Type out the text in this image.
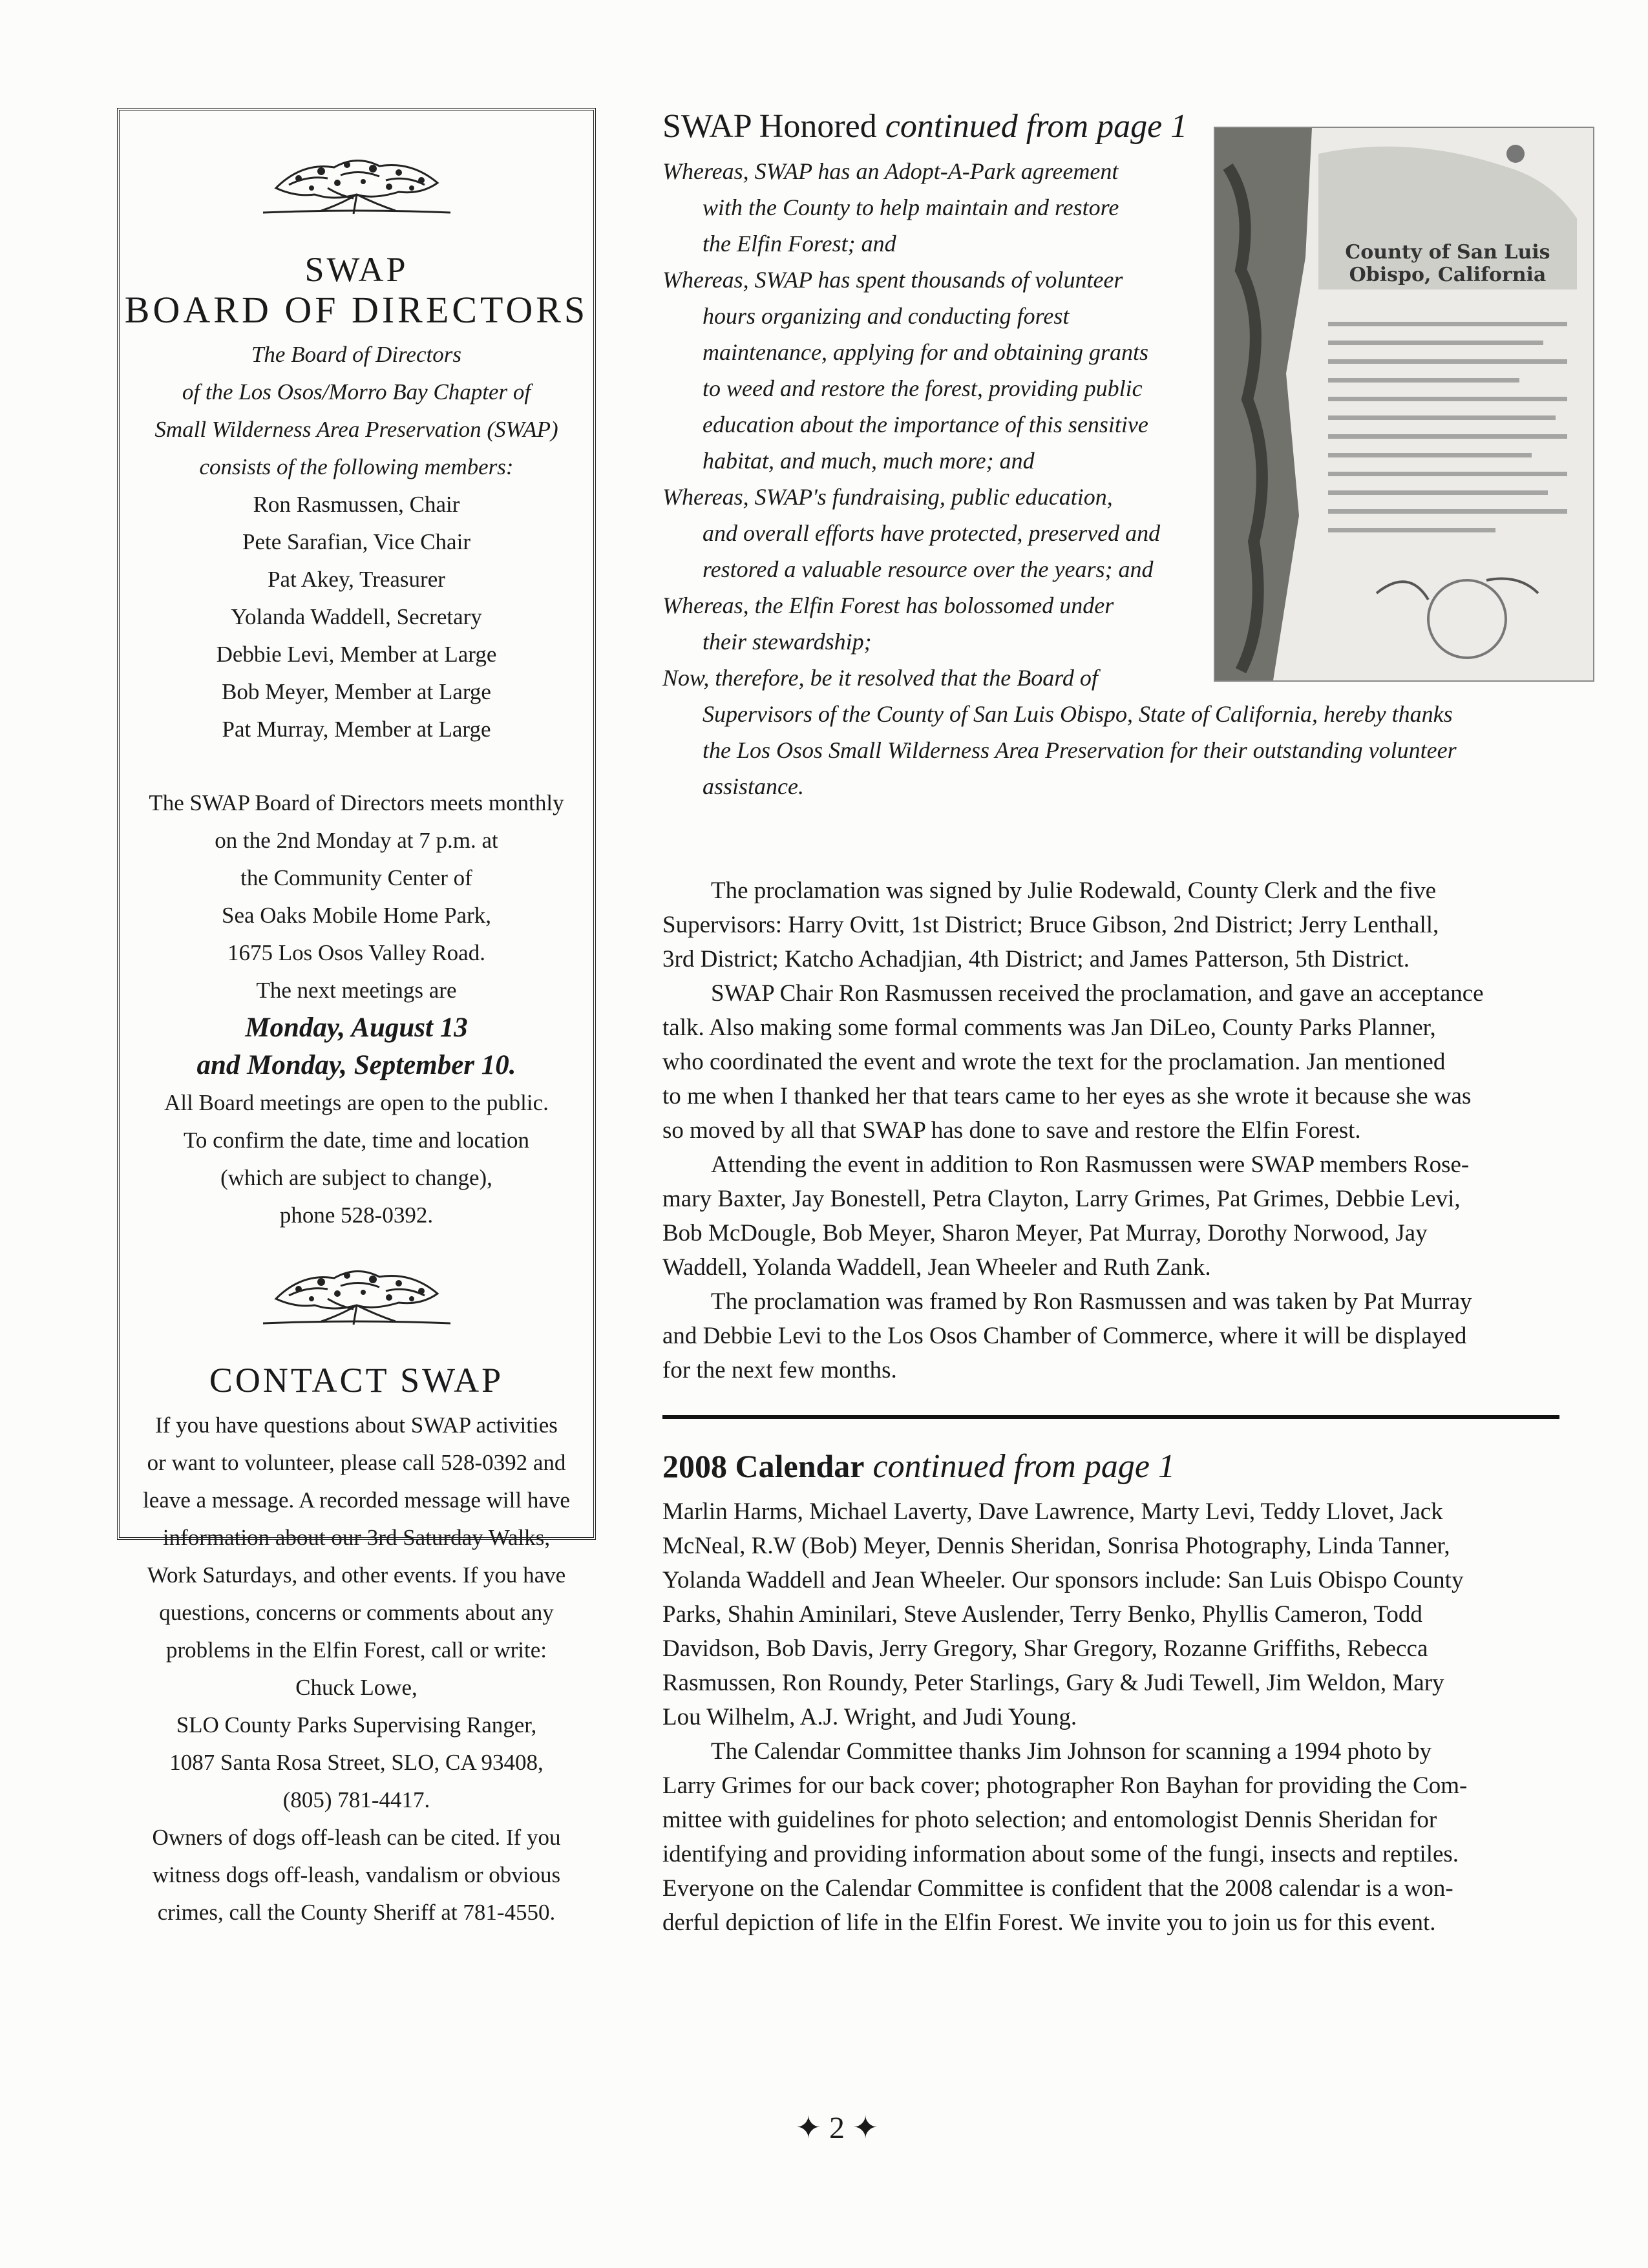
SWAP
BOARD OF DIRECTORS
The Board of Directors
of the Los Osos/Morro Bay Chapter of
Small Wilderness Area Preservation (SWAP)
consists of the following members:
Ron Rasmussen, Chair
Pete Sarafian, Vice Chair
Pat Akey, Treasurer
Yolanda Waddell, Secretary
Debbie Levi, Member at Large
Bob Meyer, Member at Large
Pat Murray, Member at Large
The SWAP Board of Directors meets monthly
on the 2nd Monday at 7 p.m. at
the Community Center of
Sea Oaks Mobile Home Park,
1675 Los Osos Valley Road.
The next meetings are
Monday, August 13
and Monday, September 10.
All Board meetings are open to the public.
To confirm the date, time and location
(which are subject to change),
phone 528-0392.
CONTACT SWAP
If you have questions about SWAP activities
or want to volunteer, please call 528-0392 and
leave a message. A recorded message will have
information about our 3rd Saturday Walks,
Work Saturdays, and other events. If you have
questions, concerns or comments about any
problems in the Elfin Forest, call or write:
Chuck Lowe,
SLO County Parks Supervising Ranger,
1087 Santa Rosa Street, SLO, CA 93408,
(805) 781-4417.
Owners of dogs off-leash can be cited. If you
witness dogs off-leash, vandalism or obvious
crimes, call the County Sheriff at 781-4550.
SWAP Honored continued from page 1
Whereas, SWAP has an Adopt-A-Park agreement
with the County to help maintain and restore
the Elfin Forest; and
Whereas, SWAP has spent thousands of volunteer
hours organizing and conducting forest
maintenance, applying for and obtaining grants
to weed and restore the forest, providing public
education about the importance of this sensitive
habitat, and much, much more; and
Whereas, SWAP's fundraising, public education,
and overall efforts have protected, preserved and
restored a valuable resource over the years; and
Whereas, the Elfin Forest has bolossomed under
their stewardship;
Now, therefore, be it resolved that the Board of
Supervisors of the County of San Luis Obispo, State of California, hereby thanks
the Los Osos Small Wilderness Area Preservation for their outstanding volunteer
assistance.
County of San Luis Obispo, California
The proclamation was signed by Julie Rodewald, County Clerk and the five
Supervisors: Harry Ovitt, 1st District; Bruce Gibson, 2nd District; Jerry Lenthall,
3rd District; Katcho Achadjian, 4th District; and James Patterson, 5th District.
SWAP Chair Ron Rasmussen received the proclamation, and gave an acceptance
talk. Also making some formal comments was Jan DiLeo, County Parks Planner,
who coordinated the event and wrote the text for the proclamation. Jan mentioned
to me when I thanked her that tears came to her eyes as she wrote it because she was
so moved by all that SWAP has done to save and restore the Elfin Forest.
Attending the event in addition to Ron Rasmussen were SWAP members Rose-
mary Baxter, Jay Bonestell, Petra Clayton, Larry Grimes, Pat Grimes, Debbie Levi,
Bob McDougle, Bob Meyer, Sharon Meyer, Pat Murray, Dorothy Norwood, Jay
Waddell, Yolanda Waddell, Jean Wheeler and Ruth Zank.
The proclamation was framed by Ron Rasmussen and was taken by Pat Murray
and Debbie Levi to the Los Osos Chamber of Commerce, where it will be displayed
for the next few months.
2008 Calendar continued from page 1
Marlin Harms, Michael Laverty, Dave Lawrence, Marty Levi, Teddy Llovet, Jack
McNeal, R.W (Bob) Meyer, Dennis Sheridan, Sonrisa Photography, Linda Tanner,
Yolanda Waddell and Jean Wheeler. Our sponsors include: San Luis Obispo County
Parks, Shahin Aminilari, Steve Auslender, Terry Benko, Phyllis Cameron, Todd
Davidson, Bob Davis, Jerry Gregory, Shar Gregory, Rozanne Griffiths, Rebecca
Rasmussen, Ron Roundy, Peter Starlings, Gary & Judi Tewell, Jim Weldon, Mary
Lou Wilhelm, A.J. Wright, and Judi Young.
The Calendar Committee thanks Jim Johnson for scanning a 1994 photo by
Larry Grimes for our back cover; photographer Ron Bayhan for providing the Com-
mittee with guidelines for photo selection; and entomologist Dennis Sheridan for
identifying and providing information about some of the fungi, insects and reptiles.
Everyone on the Calendar Committee is confident that the 2008 calendar is a won-
derful depiction of life in the Elfin Forest. We invite you to join us for this event.
✦ 2 ✦
